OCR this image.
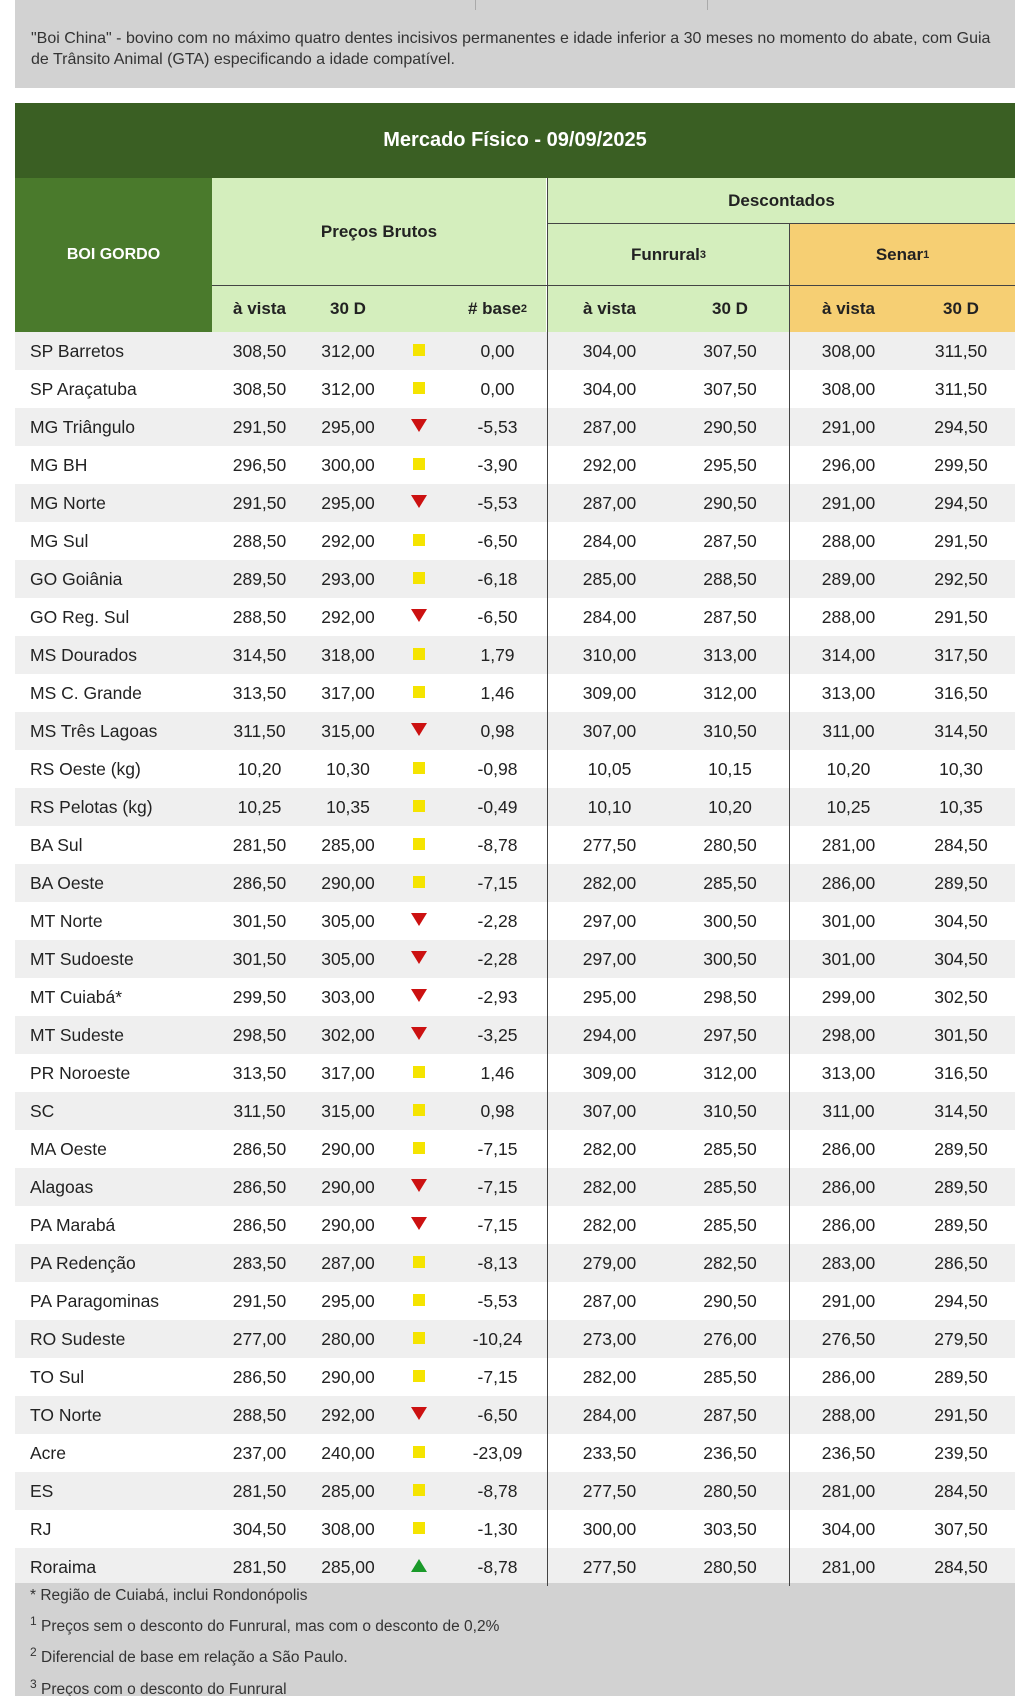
"Boi China" - bovino com no máximo quatro dentes incisivos permanentes e idade inferior a 30 meses no momento do abate, com Guia de Trânsito Animal (GTA) especificando a idade compatível.
Mercado Físico - 09/09/2025
BOI GORDO
Preços Brutos
Descontados
Funrural 3	Senar 1
à vista	30 D	# base 2	à vista	30 D	à vista	30 D
SP Barretos	308,50	312,00	0,00	304,00	307,50	308,00	311,50
SP Araçatuba	308,50	312,00	0,00	304,00	307,50	308,00	311,50
MG Triângulo	291,50	295,00	-5,53	287,00	290,50	291,00	294,50
MG BH	296,50	300,00	-3,90	292,00	295,50	296,00	299,50
MG Norte	291,50	295,00	-5,53	287,00	290,50	291,00	294,50
MG Sul	288,50	292,00	-6,50	284,00	287,50	288,00	291,50
GO Goiânia	289,50	293,00	-6,18	285,00	288,50	289,00	292,50
GO Reg. Sul	288,50	292,00	-6,50	284,00	287,50	288,00	291,50
MS Dourados	314,50	318,00	1,79	310,00	313,00	314,00	317,50
MS C. Grande	313,50	317,00	1,46	309,00	312,00	313,00	316,50
MS Três Lagoas	311,50	315,00	0,98	307,00	310,50	311,00	314,50
RS Oeste (kg)	10,20	10,30	-0,98	10,05	10,15	10,20	10,30
RS Pelotas (kg)	10,25	10,35	-0,49	10,10	10,20	10,25	10,35
BA Sul	281,50	285,00	-8,78	277,50	280,50	281,00	284,50
BA Oeste	286,50	290,00	-7,15	282,00	285,50	286,00	289,50
MT Norte	301,50	305,00	-2,28	297,00	300,50	301,00	304,50
MT Sudoeste	301,50	305,00	-2,28	297,00	300,50	301,00	304,50
MT Cuiabá*	299,50	303,00	-2,93	295,00	298,50	299,00	302,50
MT Sudeste	298,50	302,00	-3,25	294,00	297,50	298,00	301,50
PR Noroeste	313,50	317,00	1,46	309,00	312,00	313,00	316,50
SC	311,50	315,00	0,98	307,00	310,50	311,00	314,50
MA Oeste	286,50	290,00	-7,15	282,00	285,50	286,00	289,50
Alagoas	286,50	290,00	-7,15	282,00	285,50	286,00	289,50
PA Marabá	286,50	290,00	-7,15	282,00	285,50	286,00	289,50
PA Redenção	283,50	287,00	-8,13	279,00	282,50	283,00	286,50
PA Paragominas	291,50	295,00	-5,53	287,00	290,50	291,00	294,50
RO Sudeste	277,00	280,00	-10,24	273,00	276,00	276,50	279,50
TO Sul	286,50	290,00	-7,15	282,00	285,50	286,00	289,50
TO Norte	288,50	292,00	-6,50	284,00	287,50	288,00	291,50
Acre	237,00	240,00	-23,09	233,50	236,50	236,50	239,50
ES	281,50	285,00	-8,78	277,50	280,50	281,00	284,50
RJ	304,50	308,00	-1,30	300,00	303,50	304,00	307,50
Roraima	281,50	285,00	-8,78	277,50	280,50	281,00	284,50
* Região de Cuiabá, inclui Rondonópolis
$^1$ Preços sem o desconto do Funrural, mas com o desconto de 0,2%
$^2$ Diferencial de base em relação a São Paulo.
$^3$ Preços com o desconto do Funrural
